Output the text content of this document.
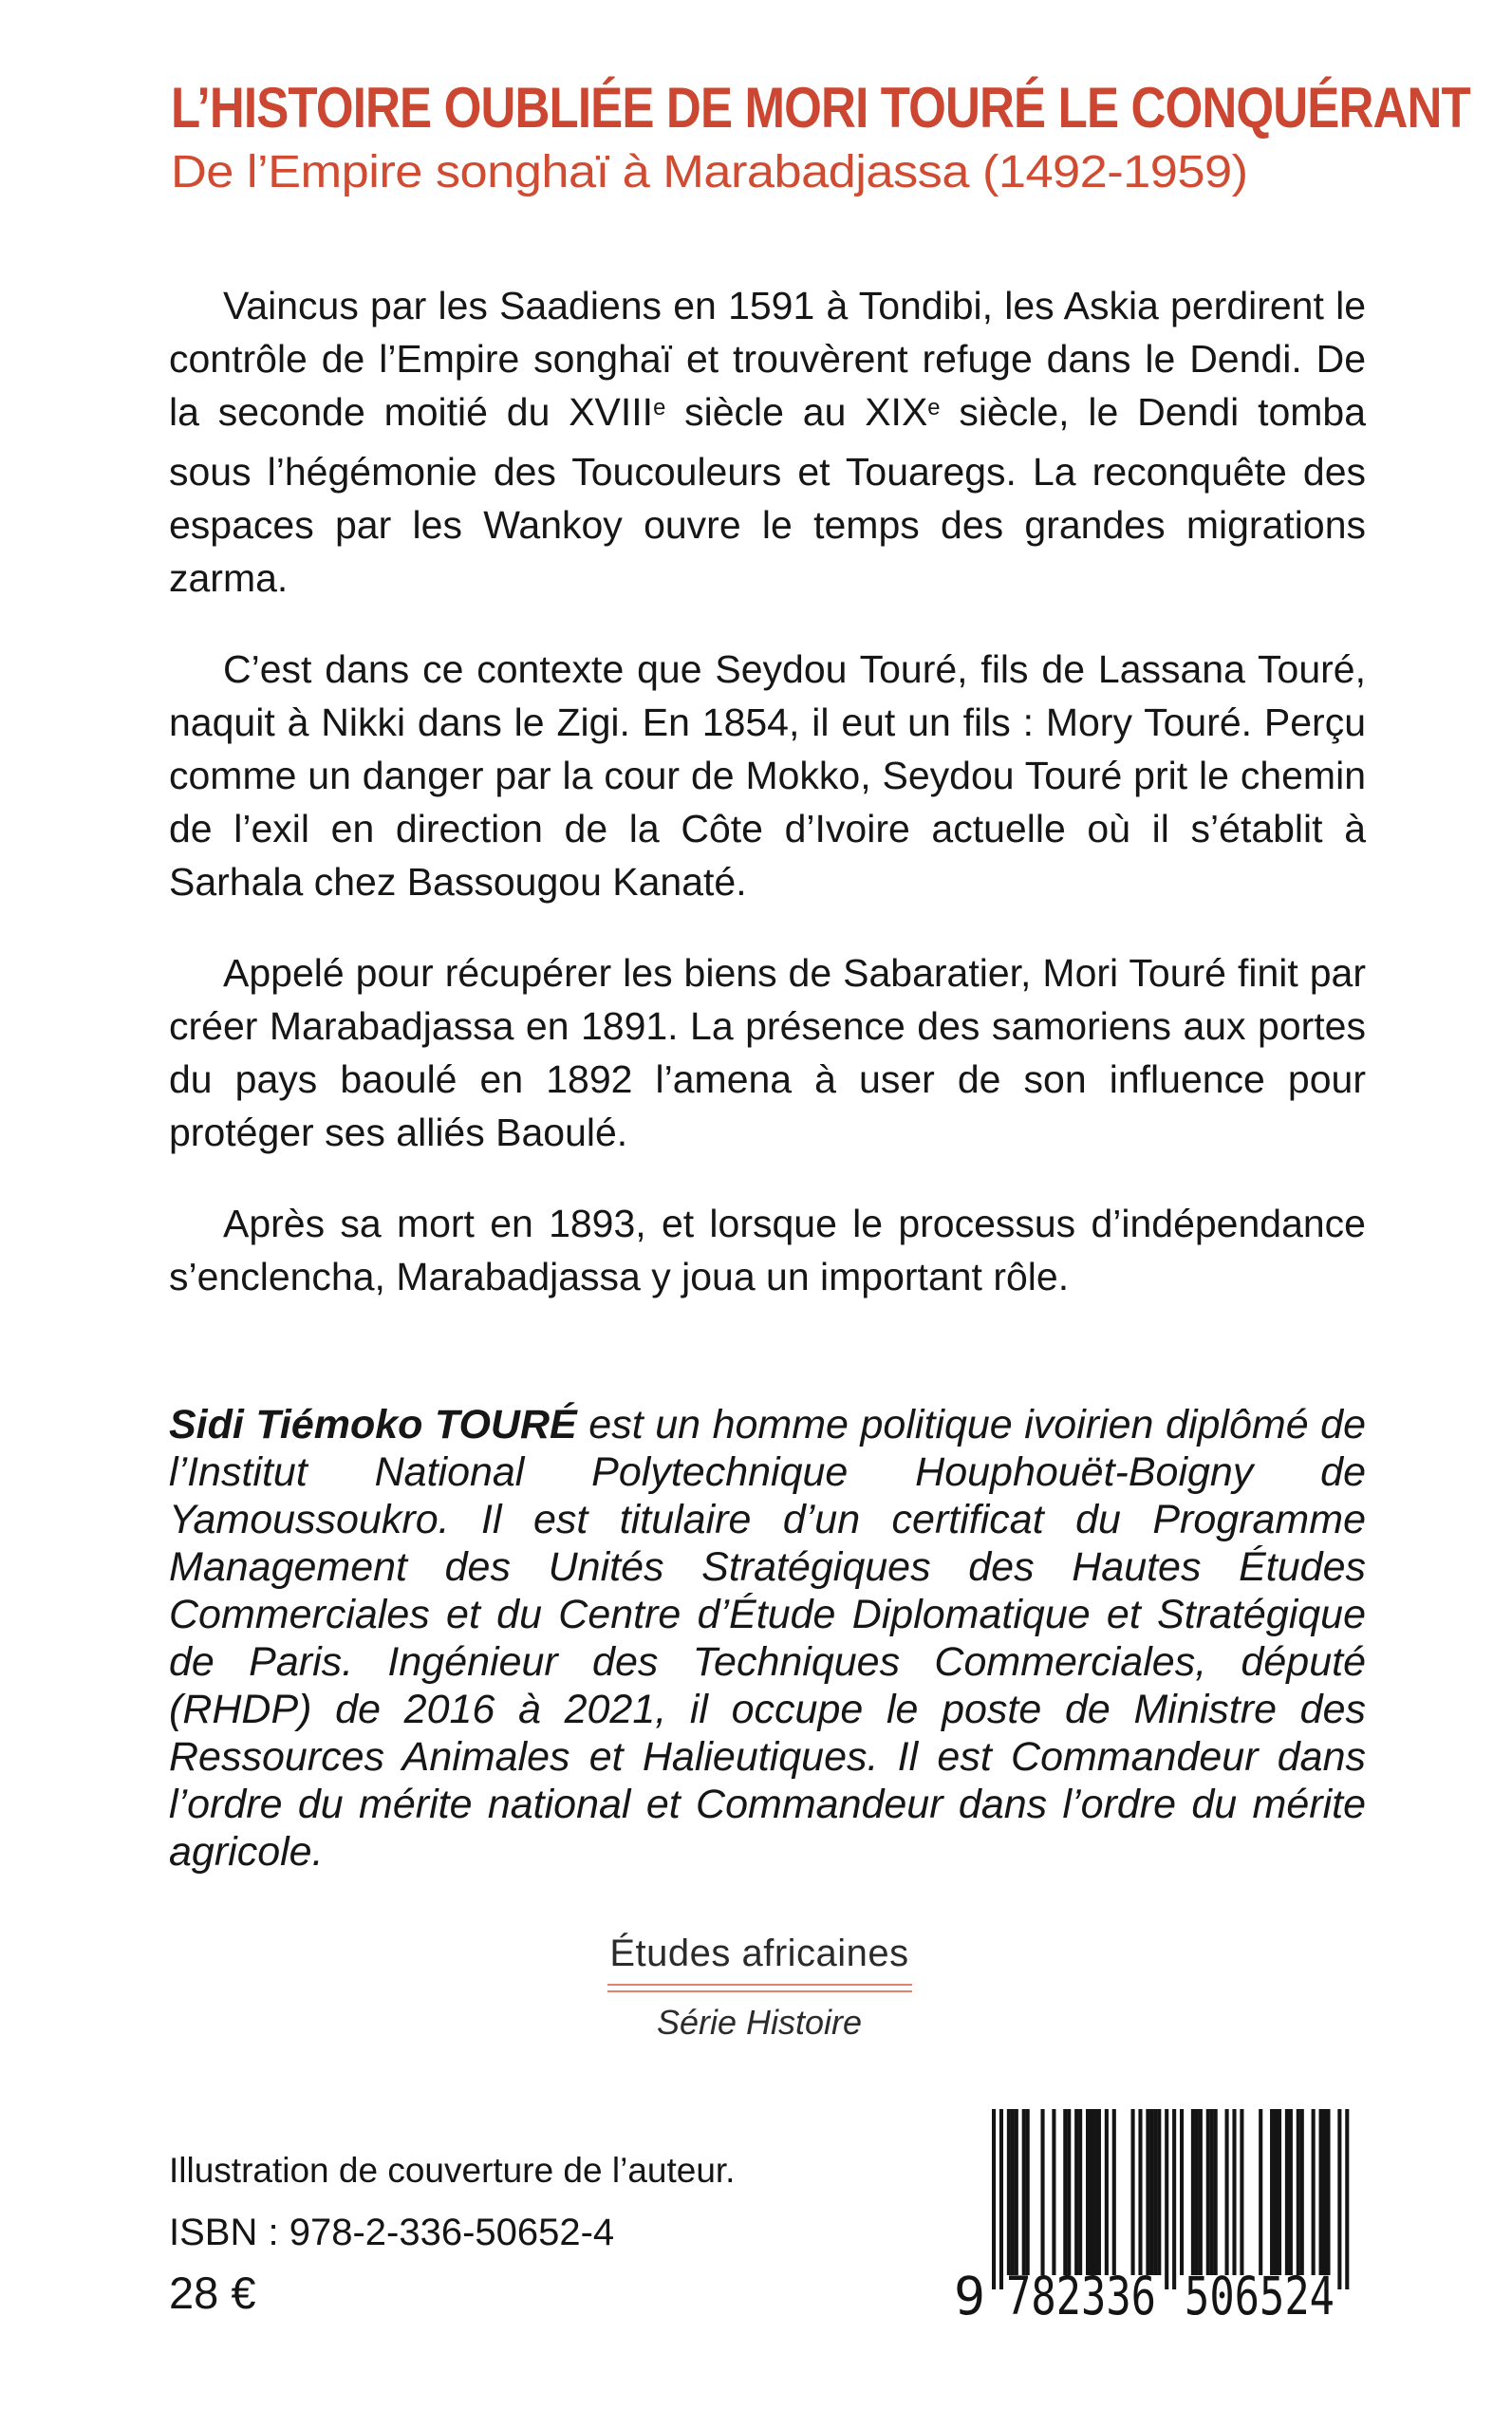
L’HISTOIRE OUBLIÉE DE MORI TOURÉ LE CONQUÉRANT
De l’Empire songhaï à Marabadjassa (1492-1959)

Vaincus par les Saadiens en 1591 à Tondibi, les Askia perdirent le contrôle de l’Empire songhaï et trouvèrent refuge dans le Dendi. De la seconde moitié du XVIIIe siècle au XIXe siècle, le Dendi tomba sous l’hégémonie des Toucouleurs et Touaregs. La reconquête des espaces par les Wankoy ouvre le temps des grandes migrations zarma.

C’est dans ce contexte que Seydou Touré, fils de Lassana Touré, naquit à Nikki dans le Zigi. En 1854, il eut un fils : Mory Touré. Perçu comme un danger par la cour de Mokko, Seydou Touré prit le chemin de l’exil en direction de la Côte d’Ivoire actuelle où il s’établit à Sarhala chez Bassougou Kanaté.

Appelé pour récupérer les biens de Sabaratier, Mori Touré finit par créer Marabadjassa en 1891. La présence des samoriens aux portes du pays baoulé en 1892 l’amena à user de son influence pour protéger ses alliés Baoulé.

Après sa mort en 1893, et lorsque le processus d’indépendance s’enclencha, Marabadjassa y joua un important rôle.

Sidi Tiémoko TOURÉ est un homme politique ivoirien diplômé de l’Institut National Polytechnique Houphouët-Boigny de Yamoussoukro. Il est titulaire d’un certificat du Programme Management des Unités Stratégiques des Hautes Études Commerciales et du Centre d’Étude Diplomatique et Stratégique de Paris. Ingénieur des Techniques Commerciales, député (RHDP) de 2016 à 2021, il occupe le poste de Ministre des Ressources Animales et Halieutiques. Il est Commandeur dans l’ordre du mérite national et Commandeur dans l’ordre du mérite agricole.

Études africaines
Série Histoire
Illustration de couverture de l’auteur.
ISBN : 978-2-336-50652-4
28 €	9 782336 506524
